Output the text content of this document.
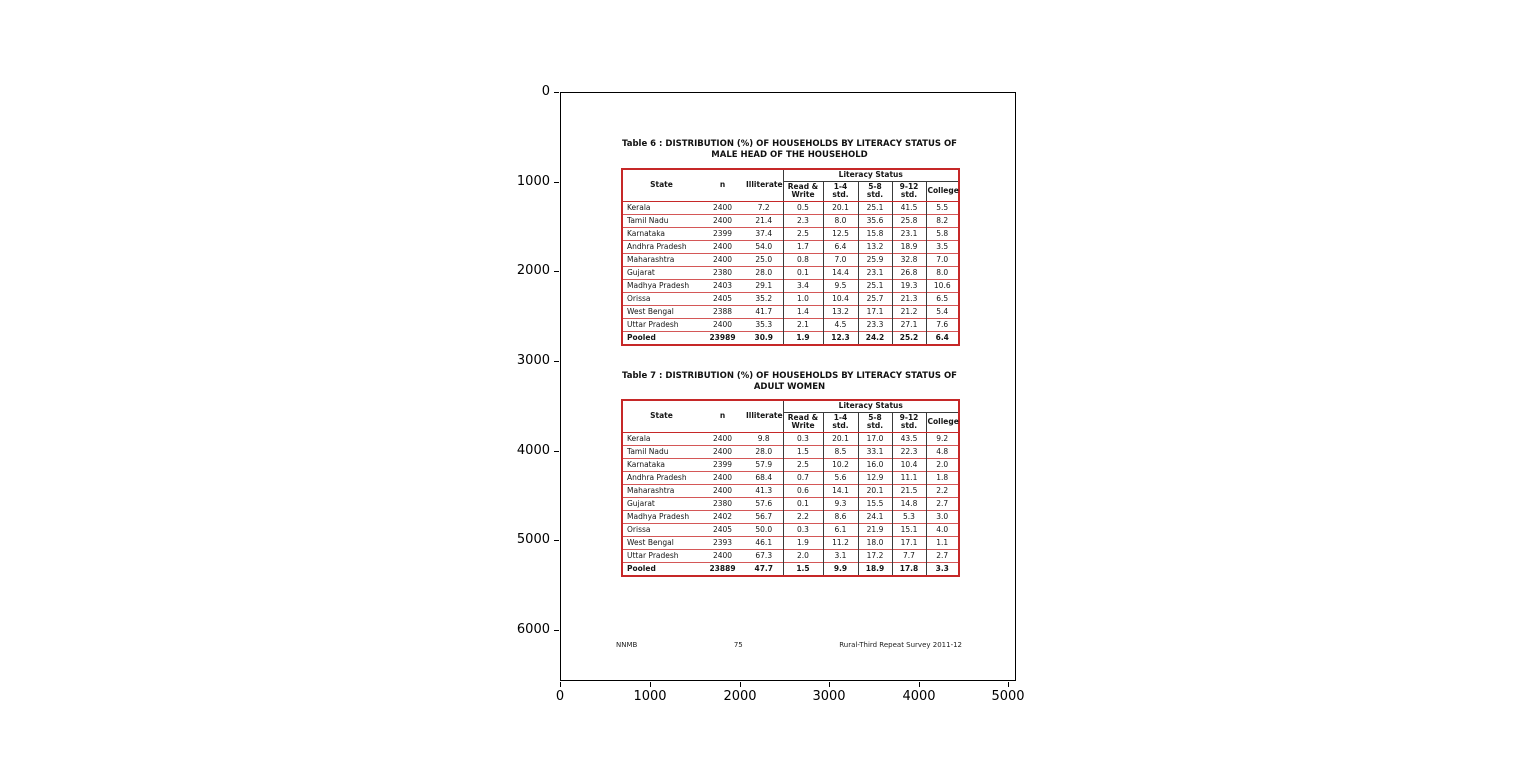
0
1000
2000
3000
4000
5000
6000
0	1000	2000	3000	4000	5000
Table 6 : DISTRIBUTION (%) OF HOUSEHOLDS BY LITERACY STATUS OF
MALE HEAD OF THE HOUSEHOLD
State	n	Illiterate	Literacy Status				
			Read & Write	1-4 std.	5-8 std.	9-12 std.	College
Kerala	2400	7.2	0.5	20.1	25.1	41.5	5.5
Tamil Nadu	2400	21.4	2.3	8.0	35.6	25.8	8.2
Karnataka	2399	37.4	2.5	12.5	15.8	23.1	5.8
Andhra Pradesh	2400	54.0	1.7	6.4	13.2	18.9	3.5
Maharashtra	2400	25.0	0.8	7.0	25.9	32.8	7.0
Gujarat	2380	28.0	0.1	14.4	23.1	26.8	8.0
Madhya Pradesh	2403	29.1	3.4	9.5	25.1	19.3	10.6
Orissa	2405	35.2	1.0	10.4	25.7	21.3	6.5
West Bengal	2388	41.7	1.4	13.2	17.1	21.2	5.4
Uttar Pradesh	2400	35.3	2.1	4.5	23.3	27.1	7.6
Pooled	23989	30.9	1.9	12.3	24.2	25.2	6.4
Table 7 : DISTRIBUTION (%) OF HOUSEHOLDS BY LITERACY STATUS OF
ADULT WOMEN
State	n	Illiterate	Literacy Status				
			Read & Write	1-4 std.	5-8 std.	9-12 std.	College
Kerala	2400	9.8	0.3	20.1	17.0	43.5	9.2
Tamil Nadu	2400	28.0	1.5	8.5	33.1	22.3	4.8
Karnataka	2399	57.9	2.5	10.2	16.0	10.4	2.0
Andhra Pradesh	2400	68.4	0.7	5.6	12.9	11.1	1.8
Maharashtra	2400	41.3	0.6	14.1	20.1	21.5	2.2
Gujarat	2380	57.6	0.1	9.3	15.5	14.8	2.7
Madhya Pradesh	2402	56.7	2.2	8.6	24.1	5.3	3.0
Orissa	2405	50.0	0.3	6.1	21.9	15.1	4.0
West Bengal	2393	46.1	1.9	11.2	18.0	17.1	1.1
Uttar Pradesh	2400	67.3	2.0	3.1	17.2	7.7	2.7
Pooled	23889	47.7	1.5	9.9	18.9	17.8	3.3
NNMB	75	Rural-Third Repeat Survey 2011-12
